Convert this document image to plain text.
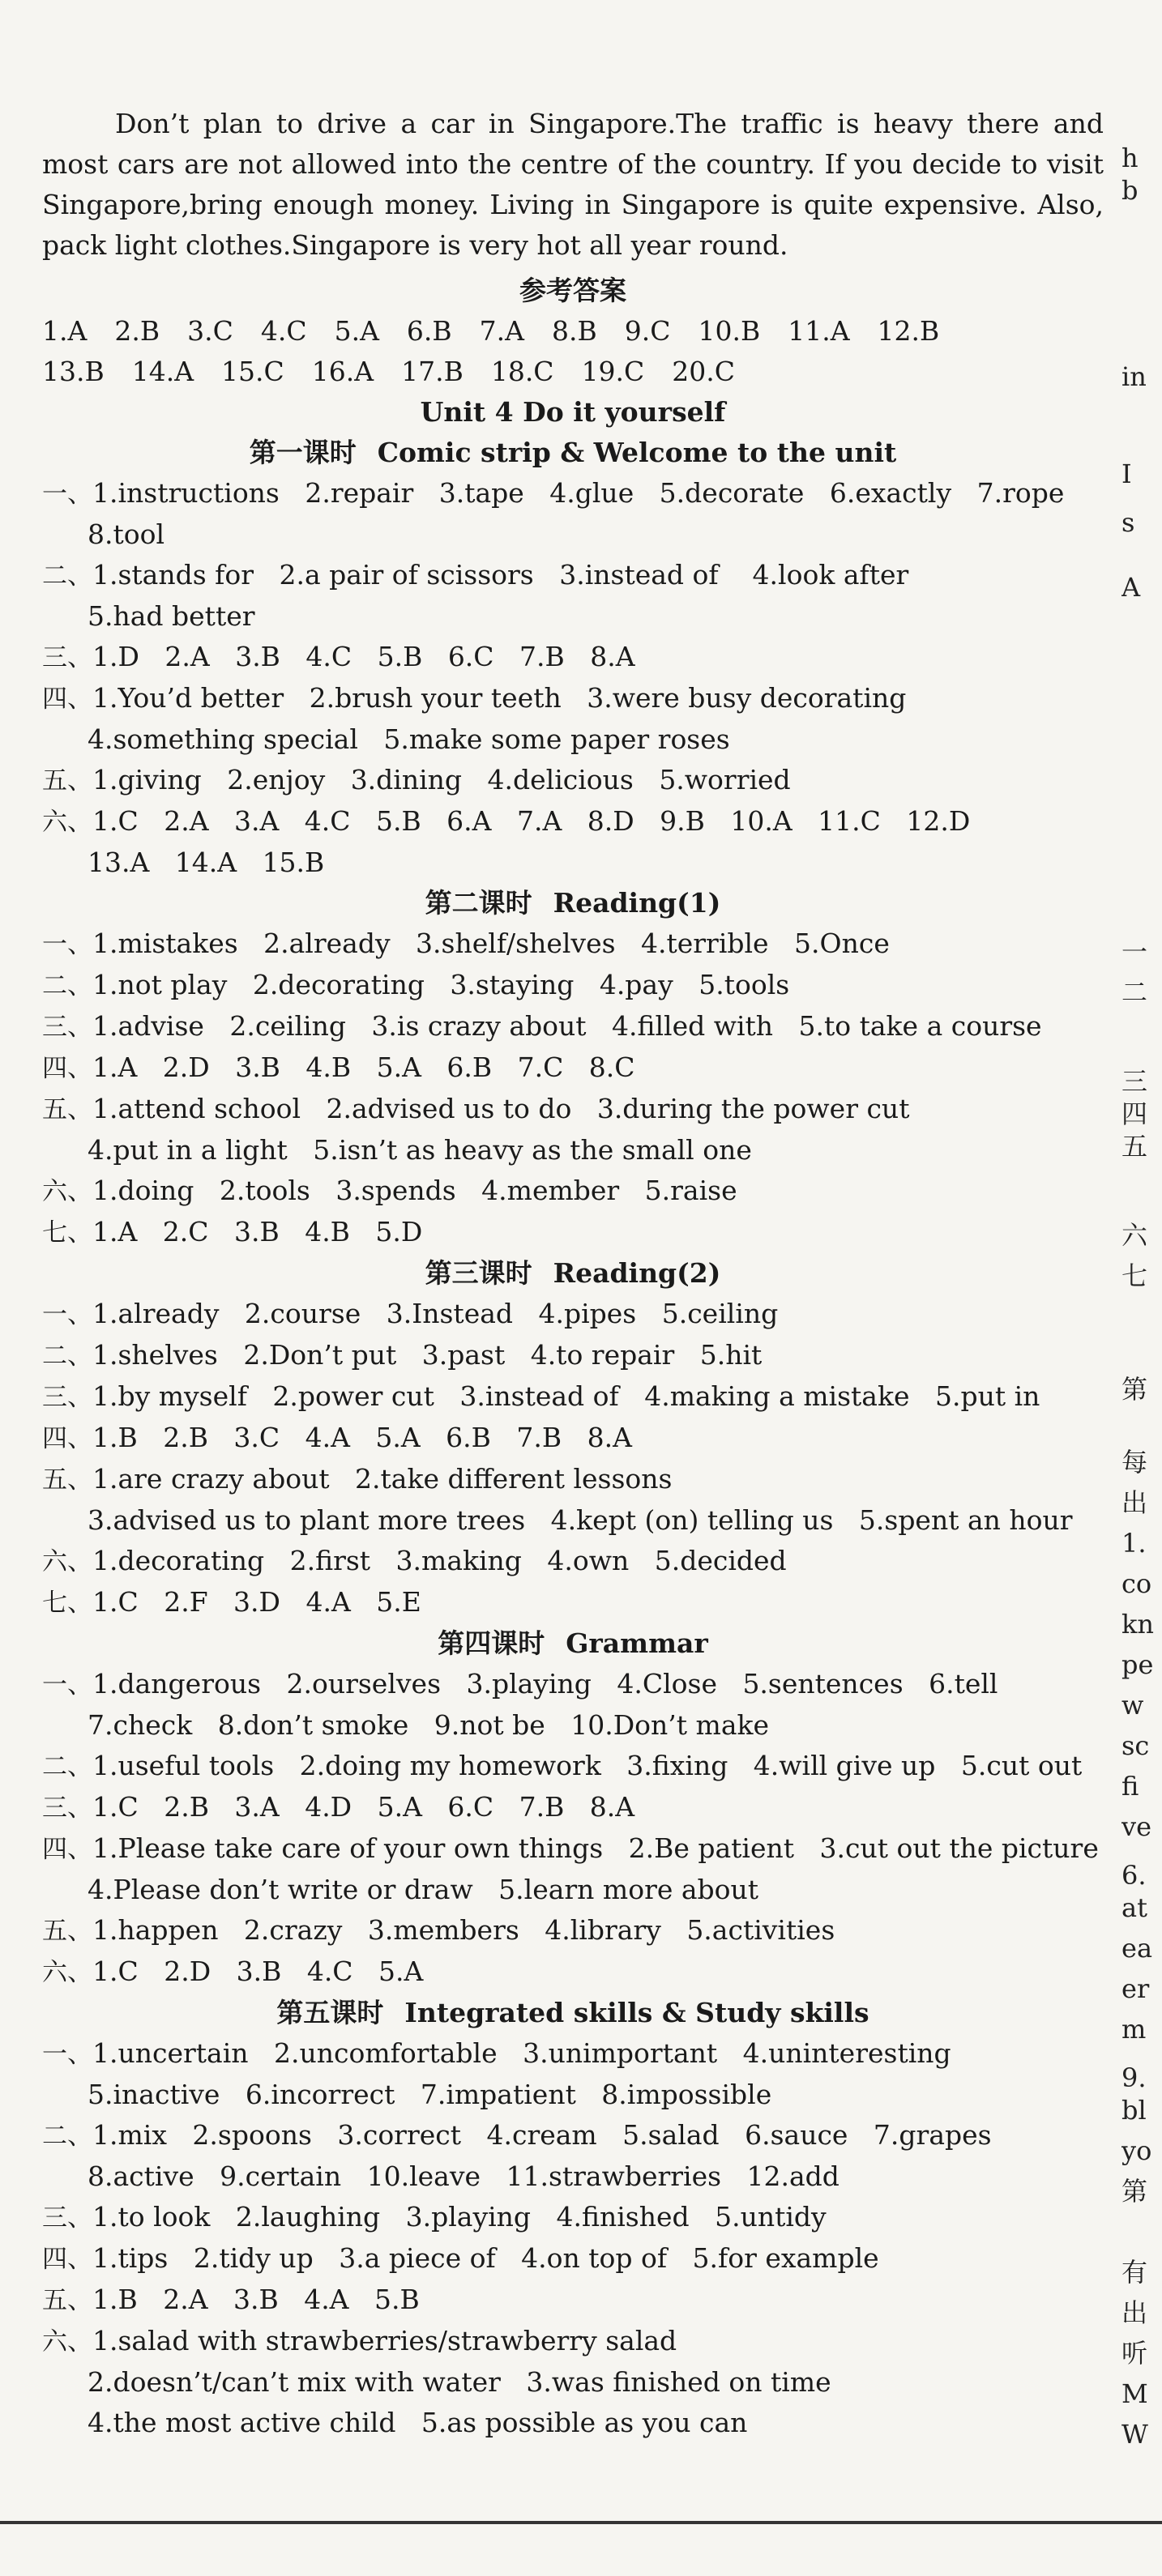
Don’t plan to drive a car in Singapore.The traffic is heavy there and most cars are not allowed into the centre of the country. If you decide to visit Singapore,bring enough money. Living in Singapore is quite expensive. Also, pack light clothes.Singapore is very hot all year round.

参考答案

1.A 2.B 3.C 4.C 5.A 6.B 7.A 8.B 9.C 10.B 11.A 12.B

13.B 14.A 15.C 16.A 17.B 18.C 19.C 20.C

Unit 4 Do it yourself

第一课时 Comic strip & Welcome to the unit

一、1.instructions   2.repair   3.tape   4.glue   5.decorate   6.exactly   7.rope

8.tool

二、1.stands for   2.a pair of scissors   3.instead of    4.look after

5.had better

三、1.D   2.A   3.B   4.C   5.B   6.C   7.B   8.A

四、1.You’d better   2.brush your teeth   3.were busy decorating

4.something special   5.make some paper roses

五、1.giving   2.enjoy   3.dining   4.delicious   5.worried

六、1.C   2.A   3.A   4.C   5.B   6.A   7.A   8.D   9.B   10.A   11.C   12.D

13.A   14.A   15.B

第二课时 Reading(1)

一、1.mistakes   2.already   3.shelf/shelves   4.terrible   5.Once

二、1.not play   2.decorating   3.staying   4.pay   5.tools

三、1.advise   2.ceiling   3.is crazy about   4.filled with   5.to take a course

四、1.A   2.D   3.B   4.B   5.A   6.B   7.C   8.C

五、1.attend school   2.advised us to do   3.during the power cut

4.put in a light   5.isn’t as heavy as the small one

六、1.doing   2.tools   3.spends   4.member   5.raise

七、1.A   2.C   3.B   4.B   5.D

第三课时 Reading(2)

一、1.already   2.course   3.Instead   4.pipes   5.ceiling

二、1.shelves   2.Don’t put   3.past   4.to repair   5.hit

三、1.by myself   2.power cut   3.instead of   4.making a mistake   5.put in

四、1.B   2.B   3.C   4.A   5.A   6.B   7.B   8.A

五、1.are crazy about   2.take different lessons

3.advised us to plant more trees   4.kept (on) telling us   5.spent an hour

六、1.decorating   2.first   3.making   4.own   5.decided

七、1.C   2.F   3.D   4.A   5.E

第四课时 Grammar

一、1.dangerous   2.ourselves   3.playing   4.Close   5.sentences   6.tell

7.check   8.don’t smoke   9.not be   10.Don’t make

二、1.useful tools   2.doing my homework   3.fixing   4.will give up   5.cut out

三、1.C   2.B   3.A   4.D   5.A   6.C   7.B   8.A

四、1.Please take care of your own things   2.Be patient   3.cut out the picture

4.Please don’t write or draw   5.learn more about

五、1.happen   2.crazy   3.members   4.library   5.activities

六、1.C   2.D   3.B   4.C   5.A

第五课时 Integrated skills & Study skills

一、1.uncertain   2.uncomfortable   3.unimportant   4.uninteresting

5.inactive   6.incorrect   7.impatient   8.impossible

二、1.mix   2.spoons   3.correct   4.cream   5.salad   6.sauce   7.grapes

8.active   9.certain   10.leave   11.strawberries   12.add

三、1.to look   2.laughing   3.playing   4.finished   5.untidy

四、1.tips   2.tidy up   3.a piece of   4.on top of   5.for example

五、1.B   2.A   3.B   4.A   5.B

六、1.salad with strawberries/strawberry salad

2.doesn’t/can’t mix with water   3.was finished on time

4.the most active child   5.as possible as you can

h
b
in
I
s
A
一
二
三
四
五
六
七
第
每
出
1.
co
kn
pe
w
sc
fi
ve
6.
at
ea
er
m
9.
bl
yo
第
有
出
听
M
W
